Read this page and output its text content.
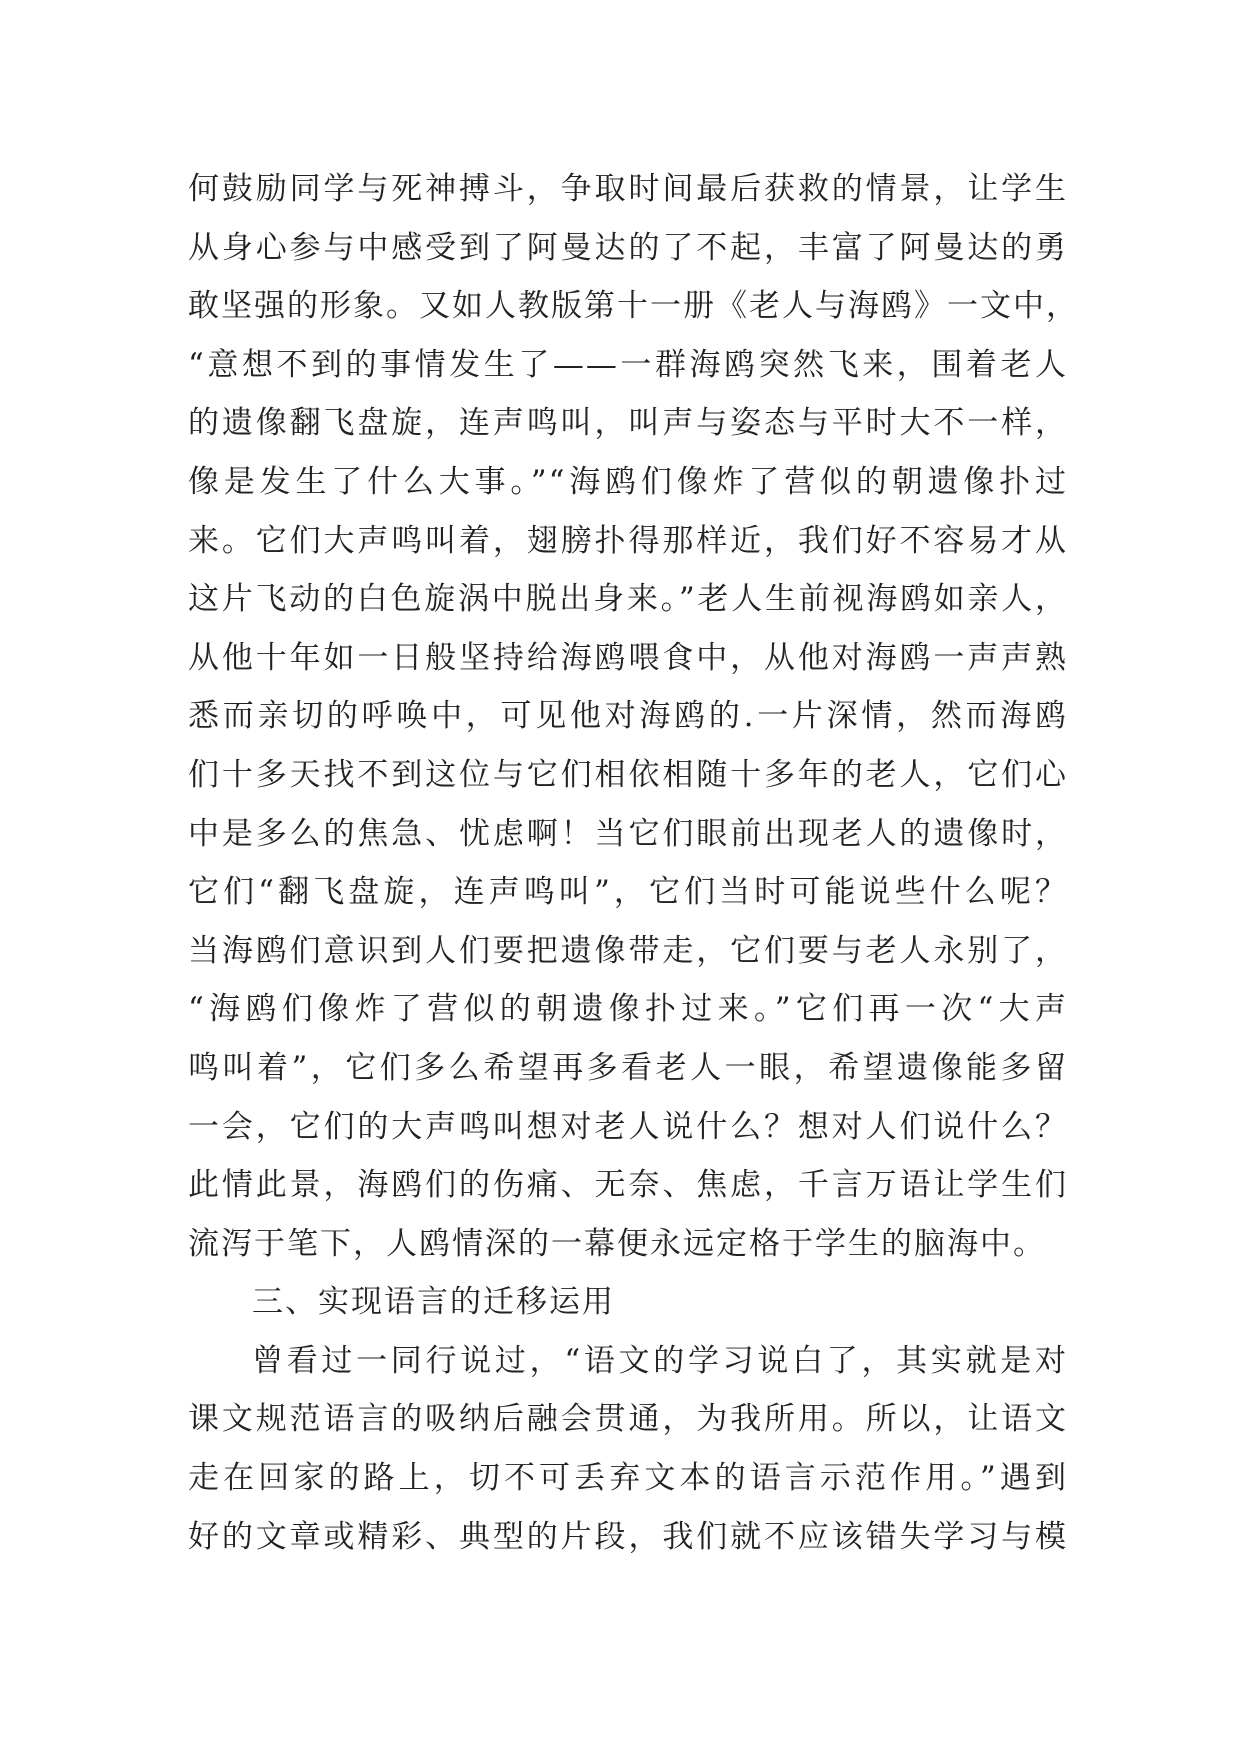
何鼓励同学与死神搏斗，争取时间最后获救的情景，让学生
从身心参与中感受到了阿曼达的了不起，丰富了阿曼达的勇
敢坚强的形象。又如人教版第十一册《老人与海鸥》一文中，
“意想不到的事情发生了——一群海鸥突然飞来，围着老人
的遗像翻飞盘旋，连声鸣叫，叫声与姿态与平时大不一样，
像是发生了什么大事。”“海鸥们像炸了营似的朝遗像扑过
来。它们大声鸣叫着，翅膀扑得那样近，我们好不容易才从
这片飞动的白色旋涡中脱出身来。”老人生前视海鸥如亲人，
从他十年如一日般坚持给海鸥喂食中，从他对海鸥一声声熟
悉而亲切的呼唤中，可见他对海鸥的.一片深情，然而海鸥
们十多天找不到这位与它们相依相随十多年的老人，它们心
中是多么的焦急、忧虑啊！当它们眼前出现老人的遗像时，
它们“翻飞盘旋，连声鸣叫”，它们当时可能说些什么呢？
当海鸥们意识到人们要把遗像带走，它们要与老人永别了，
“海鸥们像炸了营似的朝遗像扑过来。”它们再一次“大声
鸣叫着”，它们多么希望再多看老人一眼，希望遗像能多留
一会，它们的大声鸣叫想对老人说什么？想对人们说什么？
此情此景，海鸥们的伤痛、无奈、焦虑，千言万语让学生们
流泻于笔下，人鸥情深的一幕便永远定格于学生的脑海中。
三、实现语言的迁移运用
曾看过一同行说过，“语文的学习说白了，其实就是对
课文规范语言的吸纳后融会贯通，为我所用。所以，让语文
走在回家的路上，切不可丢弃文本的语言示范作用。”遇到
好的文章或精彩、典型的片段，我们就不应该错失学习与模
